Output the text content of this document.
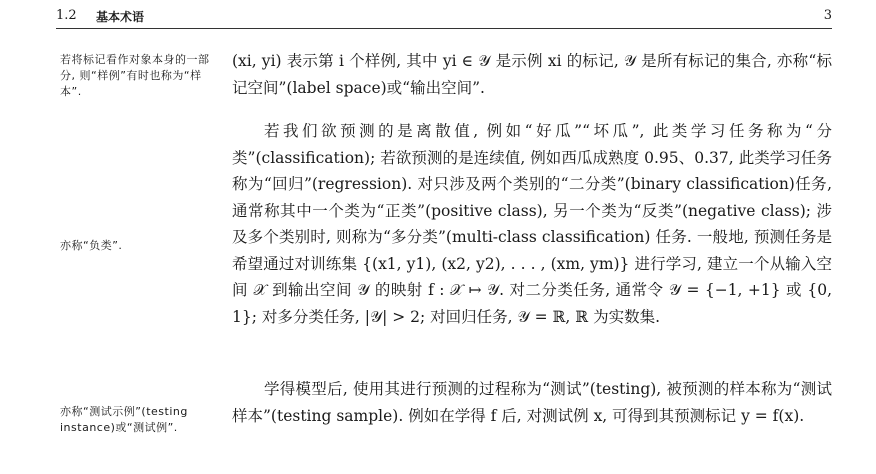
1.2 基本术语	3
若将标记看作对象本身的一部分, 则“样例”有时也称为“样本”.
亦称“负类”.
亦称“测试示例”(testing instance)或“测试例”.

(xi, yi) 表示第 i 个样例, 其中 yi ∈ 𝒴 是示例 xi 的标记, 𝒴 是所有标记的集合, 亦称“标记空间”(label space)或“输出空间”.

若我们欲预测的是离散值, 例如“好瓜”“坏瓜”, 此类学习任务称为“分类”(classification); 若欲预测的是连续值, 例如西瓜成熟度 0.95、0.37, 此类学习任务称为“回归”(regression). 对只涉及两个类别的“二分类”(binary classification)任务, 通常称其中一个类为“正类”(positive class), 另一个类为“反类”(negative class); 涉及多个类别时, 则称为“多分类”(multi-class classification) 任务. 一般地, 预测任务是希望通过对训练集 {(x1, y1), (x2, y2), . . . , (xm, ym)} 进行学习, 建立一个从输入空间 𝒳 到输出空间 𝒴 的映射 f : 𝒳 ↦ 𝒴. 对二分类任务, 通常令 𝒴 = {−1, +1} 或 {0, 1}; 对多分类任务, |𝒴| > 2; 对回归任务, 𝒴 = ℝ, ℝ 为实数集.

学得模型后, 使用其进行预测的过程称为“测试”(testing), 被预测的样本称为“测试样本”(testing sample). 例如在学得 f 后, 对测试例 x, 可得到其预测标记 y = f(x).
